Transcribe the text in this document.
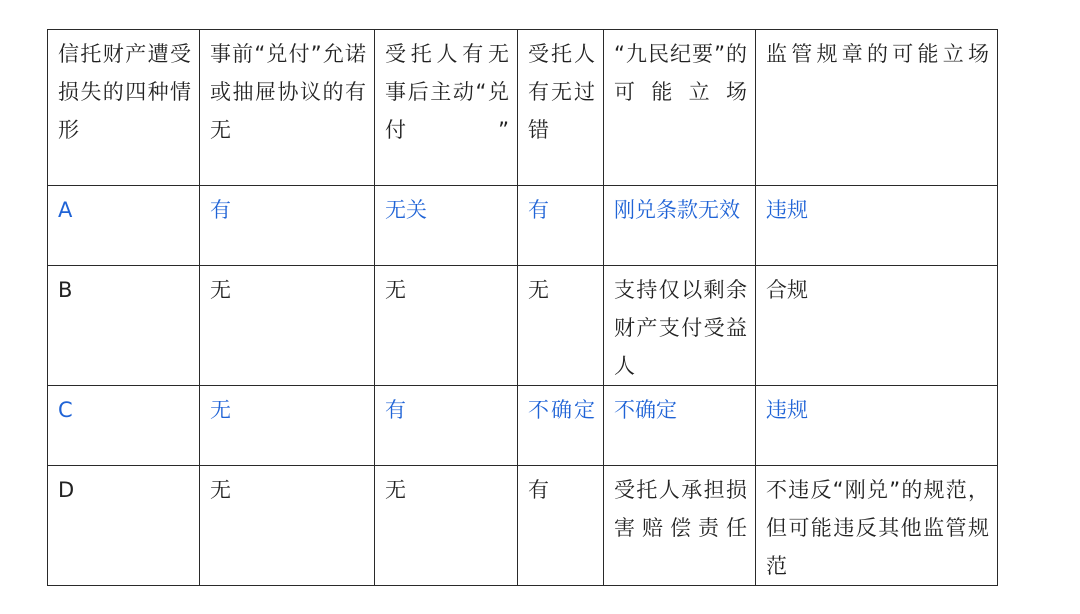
信托财产遭受损失的四种情形	事前“兑付”允诺或抽屉协议的有无	受托人有无事后主动“兑付”	受托人有无过错	“九民纪要”的可能立场	监管规章的可能立场
A	有	无关	有	刚兑条款无效	违规
B	无	无	无	支持仅以剩余财产支付受益人	合规
C	无	有	不确定	不确定	违规
D	无	无	有	受托人承担损害赔偿责任	不违反“刚兑”的规范，但可能违反其他监管规范
